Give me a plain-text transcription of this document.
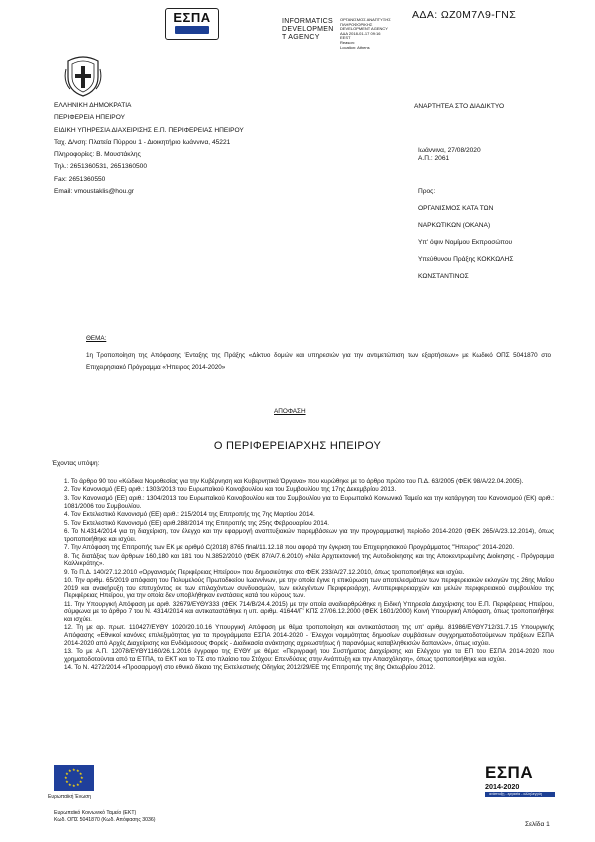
ΕΣΠΑ	INFORMATICS
DEVELOPMEN
T AGENCY
ΟΡΓΑΝΙΣΜΟΣ ΑΝΑΠΤΥΞΗΣ
ΠΛΗΡΟΦΟΡΙΚΗΣ
DEVELOPMENT AGENCY
ΑΔΑ 2018-01-17 09:16
EEST
Reason:
Location: Athens
ΑΔΑ: ΩΖ0Μ7Λ9-ΓΝΣ
ΕΛΛΗΝΙΚΗ ΔΗΜΟΚΡΑΤΙΑ
ΠΕΡΙΦΕΡΕΙΑ ΗΠΕΙΡΟΥ
ΕΙΔΙΚΗ ΥΠΗΡΕΣΙΑ ΔΙΑΧΕΙΡΙΣΗΣ Ε.Π. ΠΕΡΙΦΕΡΕΙΑΣ ΗΠΕΙΡΟΥ
Ταχ. Δ/νση: Πλατεία Πύρρου 1 - Διοικητήριο Ιωάννινα, 45221
Πληροφορίες: Β. Μουστάκλης
Τηλ.: 2651360531, 2651360500
Fax: 2651360550
Email: vmoustaklis@hou.gr
ΑΝΑΡΤΗΤΕΑ ΣΤΟ ΔΙΑΔΙΚΤΥΟ
Ιωάννινα, 27/08/2020
Α.Π.: 2061
Προς:
ΟΡΓΑΝΙΣΜΟΣ ΚΑΤΑ ΤΩΝ
ΝΑΡΚΩΤΙΚΩΝ (ΟΚΑΝΑ)
Υπ' όψιν Νομίμου Εκπροσώπου
Υπεύθυνου Πράξης ΚΟΚΚΩΛΗΣ
ΚΩΝΣΤΑΝΤΙΝΟΣ
ΘΕΜΑ:
1η Τροποποίηση της Απόφασης Ένταξης της Πράξης «Δίκτυο δομών και υπηρεσιών για την αντιμετώπιση των εξαρτήσεων» με Κωδικό ΟΠΣ 5041870 στο Επιχειρησιακό Πρόγραμμα «Ήπειρος 2014-2020»
ΑΠΟΦΑΣΗ
Ο ΠΕΡΙΦΕΡΕΙΑΡΧΗΣ ΗΠΕΙΡΟΥ
Έχοντας υπόψη:
1. Το άρθρο 90 του «Κώδικα Νομοθεσίας για την Κυβέρνηση και Κυβερνητικά Όργανα» που κυρώθηκε με το άρθρο πρώτο του Π.Δ. 63/2005 (ΦΕΚ 98/Α/22.04.2005).
2. Τον Κανονισμό (ΕΕ) αριθ.: 1303/2013 του Ευρωπαϊκού Κοινοβουλίου και του Συμβουλίου της 17ης Δεκεμβρίου 2013.
3. Τον Κανονισμό (ΕΕ) αριθ.: 1304/2013 του Ευρωπαϊκού Κοινοβουλίου και του Συμβουλίου για το Ευρωπαϊκό Κοινωνικό Ταμείο και την κατάργηση του Κανονισμού (ΕΚ) αριθ.: 1081/2006 του Συμβουλίου.
4. Τον Εκτελεστικό Κανονισμό (ΕΕ) αριθ.: 215/2014 της Επιτροπής της 7ης Μαρτίου 2014.
5. Τον Εκτελεστικό Κανονισμό (ΕΕ) αριθ.288/2014 της Επιτροπής της 25ης Φεβρουαρίου 2014.
6. Το Ν.4314/2014 για τη διαχείριση, τον έλεγχο και την εφαρμογή αναπτυξιακών παρεμβάσεων για την προγραμματική περίοδο 2014-2020 (ΦΕΚ 265/Α/23.12.2014), όπως τροποποιήθηκε και ισχύει.
7. Την Απόφαση της Επιτροπής των ΕΚ με αριθμό C(2018) 8765 final/11.12.18 που αφορά την έγκριση του Επιχειρησιακού Προγράμματος "Ήπειρος" 2014-2020.
8. Τις διατάξεις των άρθρων 160,180 και 181 του Ν.3852/2010 (ΦΕΚ 87/Α/7.6.2010) «Νέα Αρχιτεκτονική της Αυτοδιοίκησης και της Αποκεντρωμένης Διοίκησης - Πρόγραμμα Καλλικράτης».
9. Το Π.Δ. 140/27.12.2010 «Οργανισμός Περιφέρειας Ηπείρου» που δημοσιεύτηκε στο ΦΕΚ 233/Α/27.12.2010, όπως τροποποιήθηκε και ισχύει.
10. Την αριθμ. 65/2019 απόφαση του Πολυμελούς Πρωτοδικείου Ιωαννίνων, με την οποία έγινε η επικύρωση των αποτελεσμάτων των περιφερειακών εκλογών της 26ης Μαΐου 2019 και ανακήρυξη του επιτυχόντος εκ των επιλαχόντων συνδυασμών, των εκλεγέντων Περιφερειάρχη, Αντιπεριφερειαρχών και μελών περιφερειακού συμβουλίου της Περιφέρειας Ηπείρου, για την οποία δεν υποβλήθηκαν ενστάσεις κατά του κύρους των.
11. Την Υπουργική Απόφαση με αριθ. 32679/ΕΥΘΥ333 (ΦΕΚ 714/Β/24.4.2015) με την οποία αναδιαρθρώθηκε η Ειδική Υπηρεσία Διαχείρισης του Ε.Π. Περιφέρειας Ηπείρου, σύμφωνα με το άρθρο 7 του Ν. 4314/2014 και αντικαταστάθηκε η υπ. αριθμ. 41644/Γ' ΚΠΣ 27/06.12.2000 (ΦΕΚ 1601/2000) Κοινή Υπουργική Απόφαση, όπως τροποποιήθηκε και ισχύει.
12. Τη με αρ. πρωτ. 110427/ΕΥΘΥ 1020/20.10.16 Υπουργική Απόφαση με θέμα τροποποίηση και αντικατάσταση της υπ' αριθμ. 81986/ΕΥΘΥ712/31.7.15 Υπουργικής Απόφασης «Εθνικοί κανόνες επιλεξιμότητας για τα προγράμματα ΕΣΠΑ 2014-2020 - Έλεγχοι νομιμότητας δημοσίων συμβάσεων συγχρηματοδοτούμενων πράξεων ΕΣΠΑ 2014-2020 από Αρχές Διαχείρισης και Ενδιάμεσους Φορείς - Διαδικασία ανάκτησης αχρεωστήτως ή παρανόμως καταβληθεισών δαπανών», όπως ισχύει.
13. Το με Α.Π. 12078/ΕΥΘΥ1160/26.1.2016 έγγραφο της ΕΥΘΥ με θέμα: «Περιγραφή του Συστήματος Διαχείρισης και Ελέγχου για τα ΕΠ του ΕΣΠΑ 2014-2020 που χρηματοδοτούνται από τα ΕΤΠΑ, το ΕΚΤ και το ΤΣ στο πλαίσιο του Στόχου: Επενδύσεις στην Ανάπτυξη και την Απασχόληση», όπως τροποποιήθηκε και ισχύει.
14. Το Ν. 4272/2014 «Προσαρμογή στο εθνικό δίκαιο της Εκτελεστικής Οδηγίας 2012/29/ΕΕ της Επιτροπής της 8ης Οκτωβρίου 2012.
★
★
★
★
★
★
★
★
★ ★ ★
★
Ευρωπαϊκή Ένωση
Ευρωπαϊκό Κοινωνικό Ταμείο (ΕΚΤ)
Κωδ. ΟΠΣ 5041870 (Κωδ. Απόφασης 3036)
ΕΣΠΑ
2014-2020
ανάπτυξη - εργασία - αλληλεγγύη
Σελίδα 1
